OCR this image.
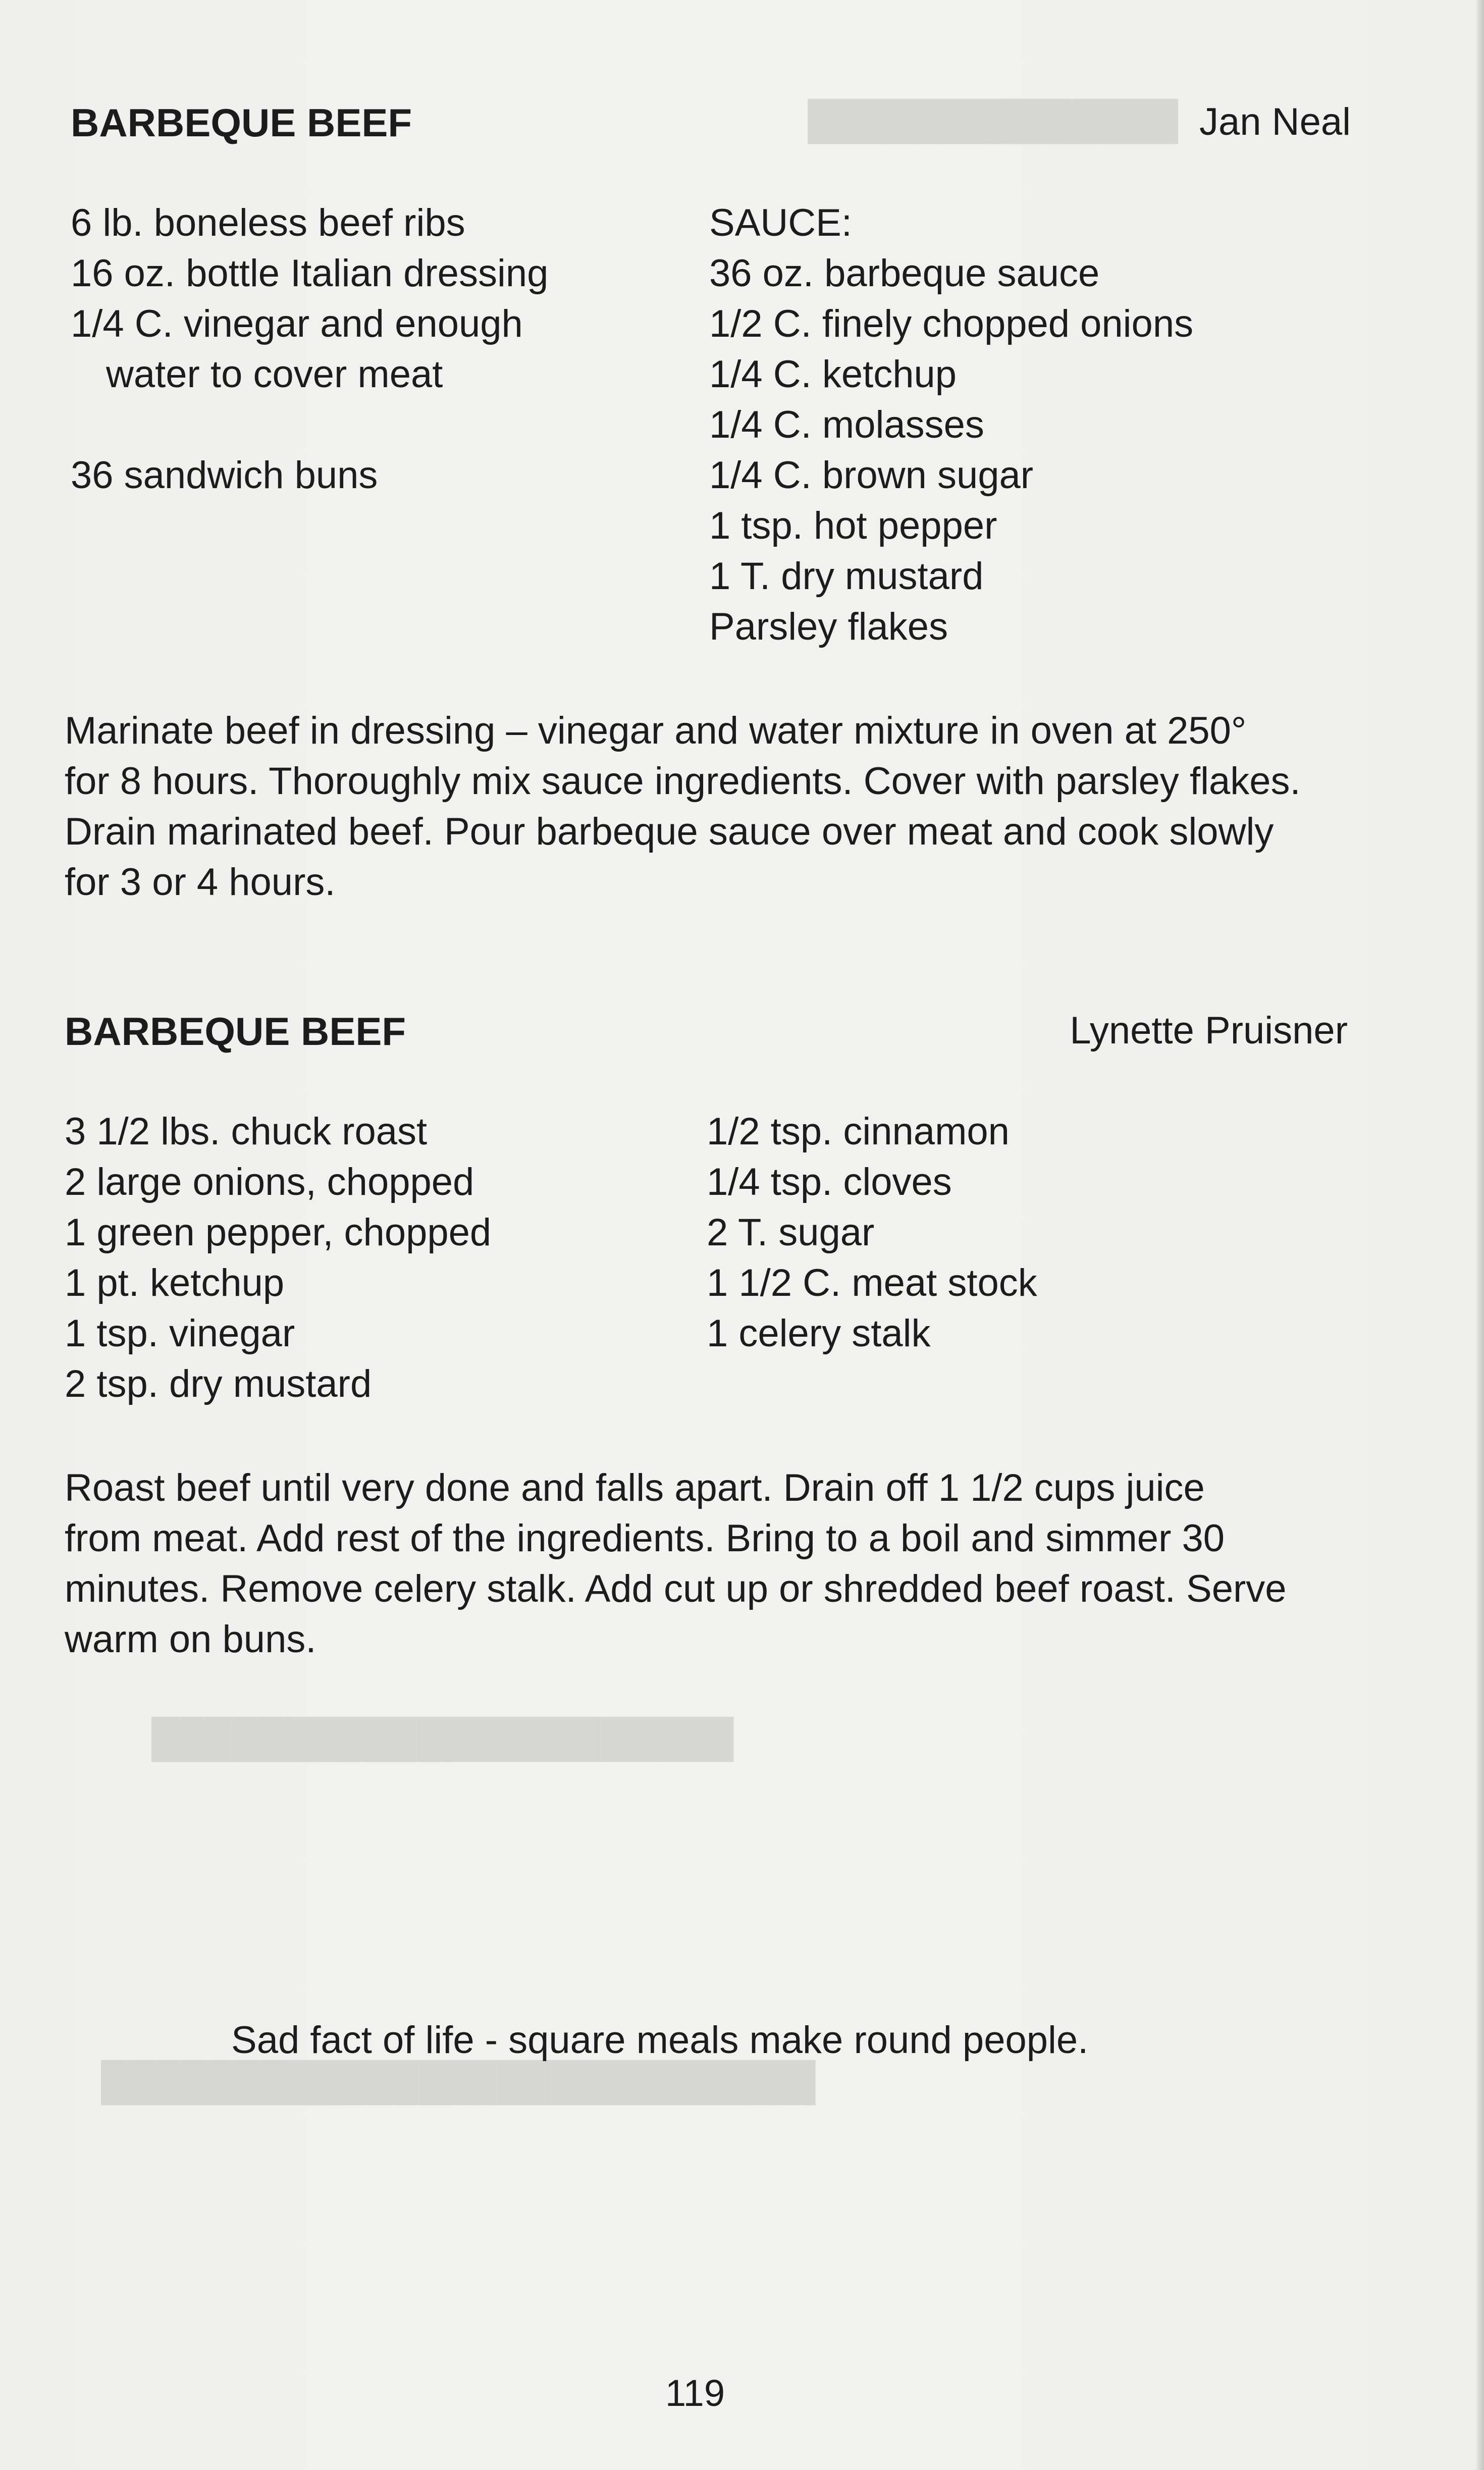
██████████████
██████████████████████
███████████████████████████
BARBEQUE BEEF	Jan Neal
6 lb. boneless beef ribs
16 oz. bottle Italian dressing
1/4 C. vinegar and enough
water to cover meat
36 sandwich buns
SAUCE:
36 oz. barbeque sauce
1/2 C. finely chopped onions
1/4 C. ketchup
1/4 C. molasses
1/4 C. brown sugar
1 tsp. hot pepper
1 T. dry mustard
Parsley flakes
Marinate beef in dressing – vinegar and water mixture in oven at 250°
for 8 hours. Thoroughly mix sauce ingredients. Cover with parsley flakes.
Drain marinated beef. Pour barbeque sauce over meat and cook slowly
for 3 or 4 hours.
BARBEQUE BEEF	Lynette Pruisner
3 1/2 lbs. chuck roast
2 large onions, chopped
1 green pepper, chopped
1 pt. ketchup
1 tsp. vinegar
2 tsp. dry mustard
1/2 tsp. cinnamon
1/4 tsp. cloves
2 T. sugar
1 1/2 C. meat stock
1 celery stalk
Roast beef until very done and falls apart. Drain off 1 1/2 cups juice
from meat. Add rest of the ingredients. Bring to a boil and simmer 30
minutes. Remove celery stalk. Add cut up or shredded beef roast. Serve
warm on buns.
Sad fact of life - square meals make round people.
119
